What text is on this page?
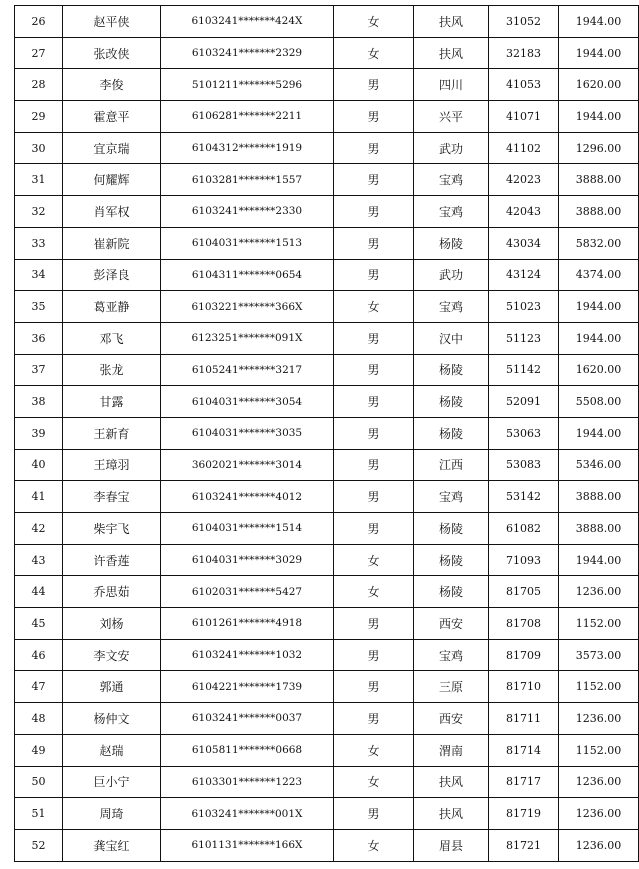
26	赵平侠	6103241*******424X	女	扶风	31052	1944.00
27	张改侠	6103241*******2329	女	扶风	32183	1944.00
28	李俊	5101211*******5296	男	四川	41053	1620.00
29	霍意平	6106281*******2211	男	兴平	41071	1944.00
30	宜京瑞	6104312*******1919	男	武功	41102	1296.00
31	何耀辉	6103281*******1557	男	宝鸡	42023	3888.00
32	肖军权	6103241*******2330	男	宝鸡	42043	3888.00
33	崔新院	6104031*******1513	男	杨陵	43034	5832.00
34	彭泽良	6104311*******0654	男	武功	43124	4374.00
35	葛亚静	6103221*******366X	女	宝鸡	51023	1944.00
36	邓飞	6123251*******091X	男	汉中	51123	1944.00
37	张龙	6105241*******3217	男	杨陵	51142	1620.00
38	甘露	6104031*******3054	男	杨陵	52091	5508.00
39	王新育	6104031*******3035	男	杨陵	53063	1944.00
40	王璋羽	3602021*******3014	男	江西	53083	5346.00
41	李春宝	6103241*******4012	男	宝鸡	53142	3888.00
42	柴宇飞	6104031*******1514	男	杨陵	61082	3888.00
43	许香莲	6104031*******3029	女	杨陵	71093	1944.00
44	乔思茹	6102031*******5427	女	杨陵	81705	1236.00
45	刘杨	6101261*******4918	男	西安	81708	1152.00
46	李文安	6103241*******1032	男	宝鸡	81709	3573.00
47	郭通	6104221*******1739	男	三原	81710	1152.00
48	杨仲文	6103241*******0037	男	西安	81711	1236.00
49	赵瑞	6105811*******0668	女	渭南	81714	1152.00
50	巨小宁	6103301*******1223	女	扶风	81717	1236.00
51	周琦	6103241*******001X	男	扶风	81719	1236.00
52	龚宝红	6101131*******166X	女	眉县	81721	1236.00
